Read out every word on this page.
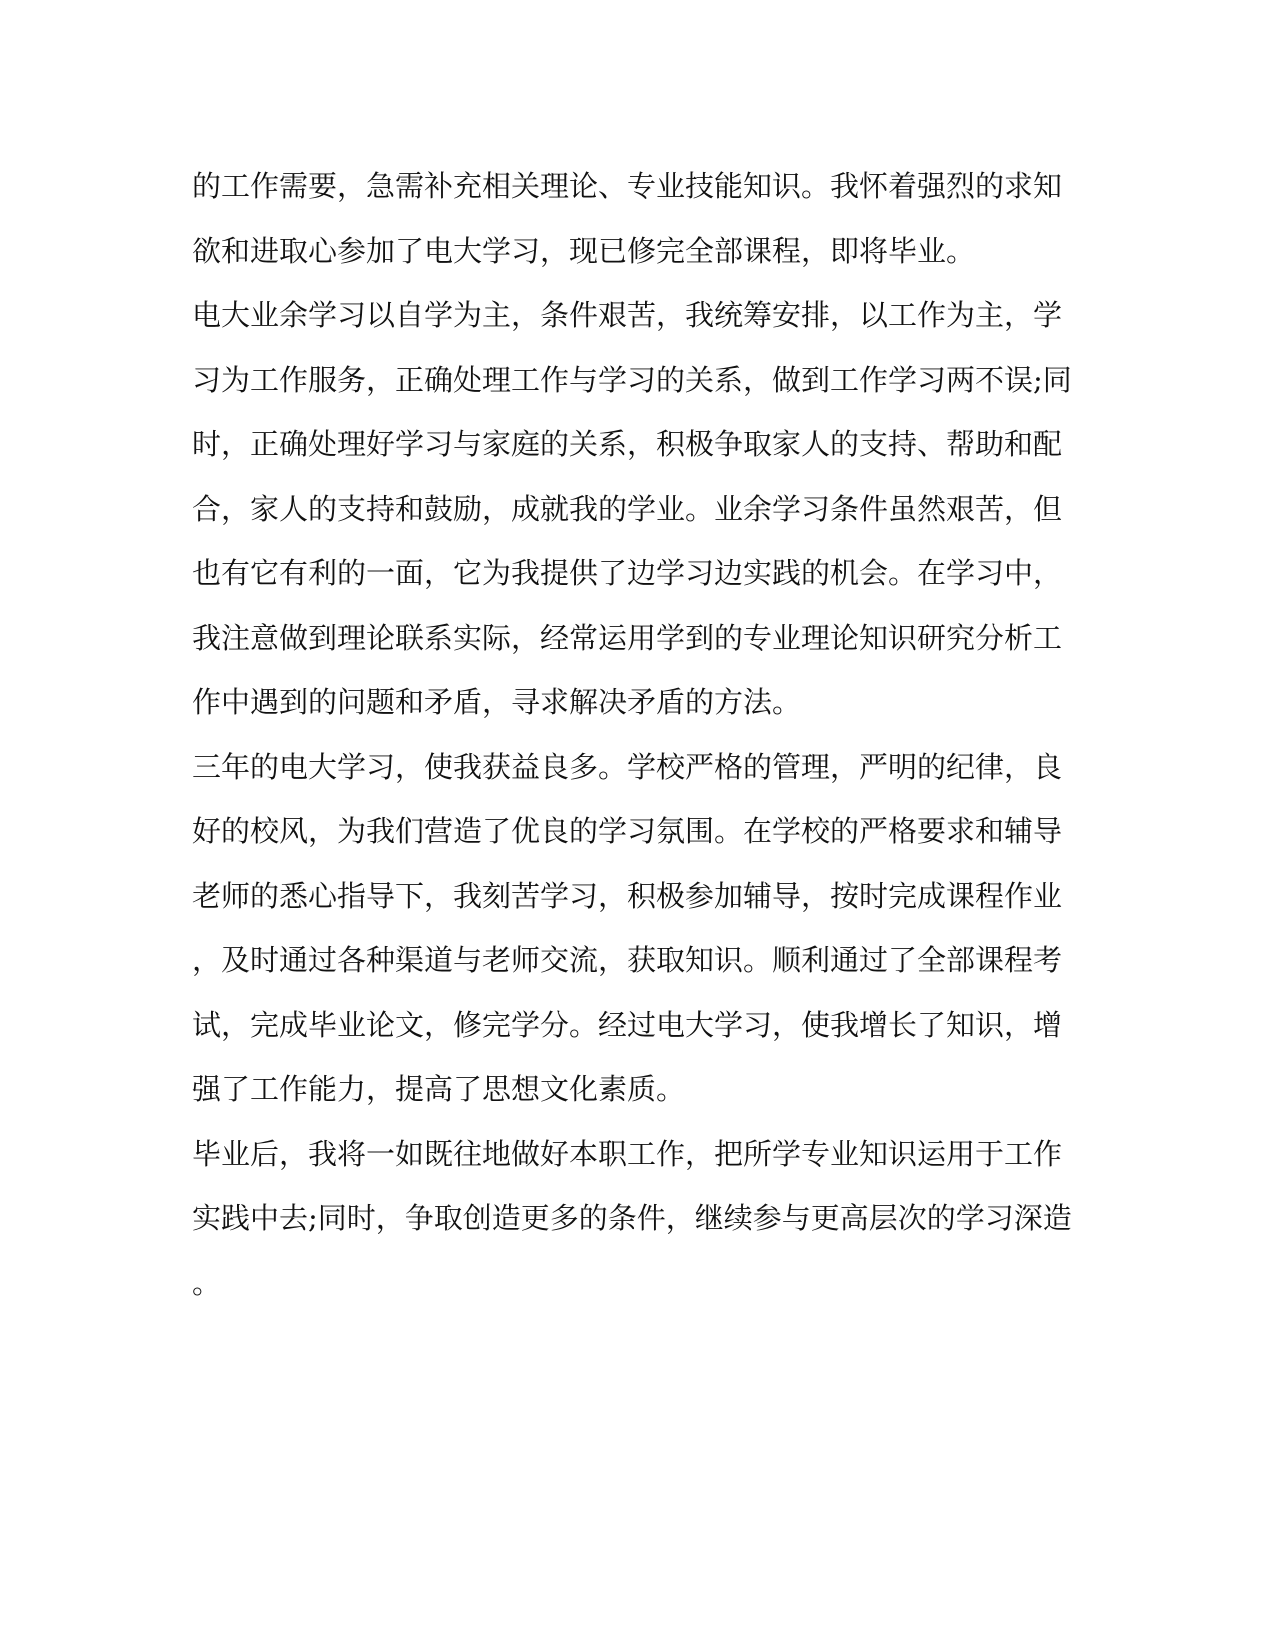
的工作需要，急需补充相关理论、专业技能知识。我怀着强烈的求知
欲和进取心参加了电大学习，现已修完全部课程，即将毕业。
电大业余学习以自学为主，条件艰苦，我统筹安排，以工作为主，学
习为工作服务，正确处理工作与学习的关系，做到工作学习两不误;同
时，正确处理好学习与家庭的关系，积极争取家人的支持、帮助和配
合，家人的支持和鼓励，成就我的学业。业余学习条件虽然艰苦，但
也有它有利的一面，它为我提供了边学习边实践的机会。在学习中，
我注意做到理论联系实际，经常运用学到的专业理论知识研究分析工
作中遇到的问题和矛盾，寻求解决矛盾的方法。
三年的电大学习，使我获益良多。学校严格的管理，严明的纪律，良
好的校风，为我们营造了优良的学习氛围。在学校的严格要求和辅导
老师的悉心指导下，我刻苦学习，积极参加辅导，按时完成课程作业
，及时通过各种渠道与老师交流，获取知识。顺利通过了全部课程考
试，完成毕业论文，修完学分。经过电大学习，使我增长了知识，增
强了工作能力，提高了思想文化素质。
毕业后，我将一如既往地做好本职工作，把所学专业知识运用于工作
实践中去;同时，争取创造更多的条件，继续参与更高层次的学习深造
。
